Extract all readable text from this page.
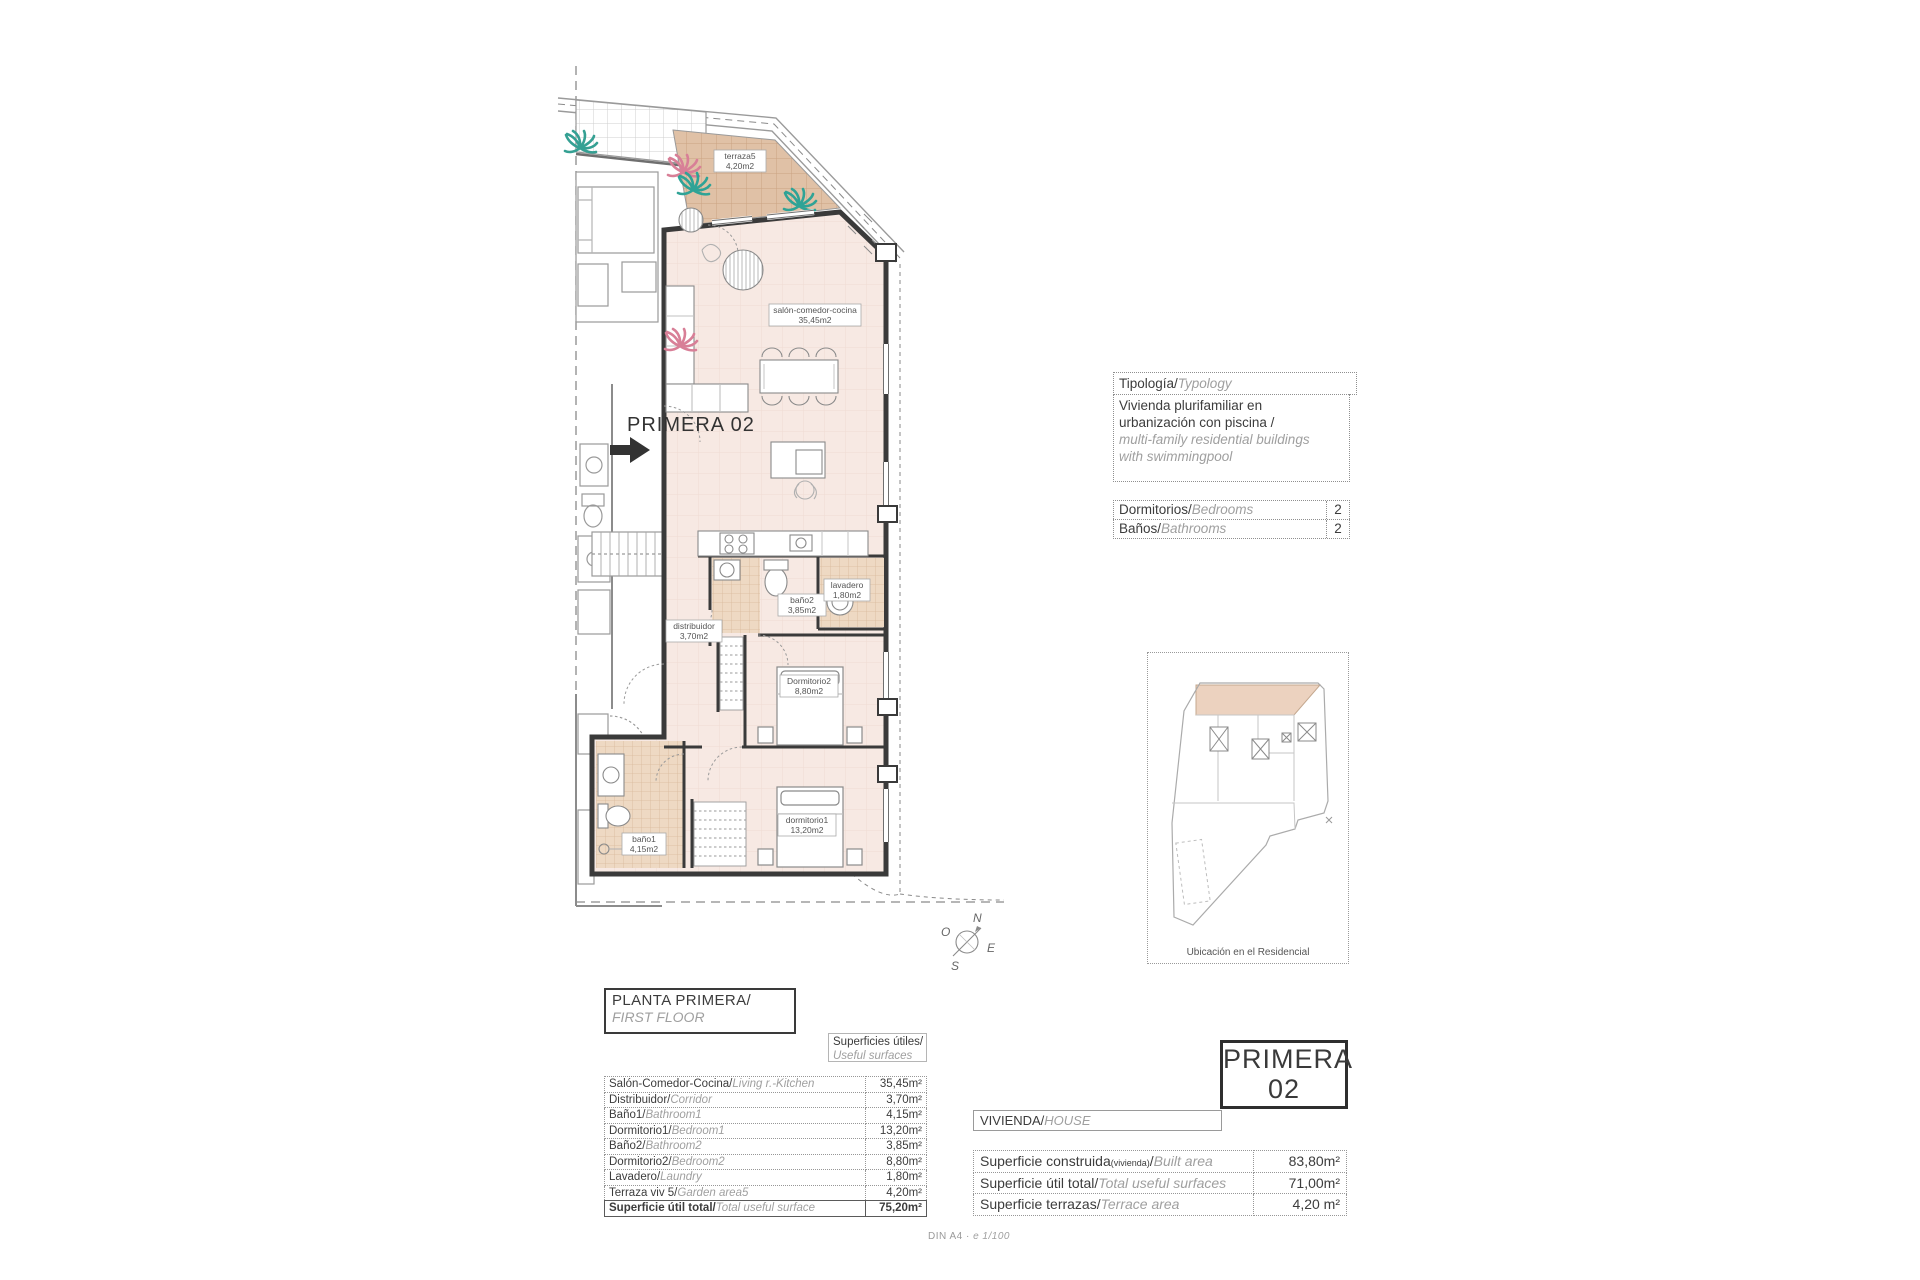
terraza5
4,20m2
salón-comedor-cocina
35,45m2
distribuidor
3,70m2
baño2
3,85m2
lavadero
1,80m2
Dormitorio2
8,80m2
dormitorio1
13,20m2
baño1
4,15m2
PRIMERA 02
N
O
E
S
Tipología/Typology
Vivienda plurifamiliar en
urbanización con piscina /
multi-family residential buildings
with swimmingpool
Dormitorios/Bedrooms	2
Baños/Bathrooms	2
Ubicación en el Residencial
PLANTA PRIMERA/
FIRST FLOOR
Superficies útiles/
Useful surfaces
Salón-Comedor-Cocina/Living r.-Kitchen	35,45m²
Distribuidor/Corridor	3,70m²
Baño1/Bathroom1	4,15m²
Dormitorio1/Bedroom1	13,20m²
Baño2/Bathroom2	3,85m²
Dormitorio2/Bedroom2	8,80m²
Lavadero/Laundry	1,80m²
Terraza viv 5/Garden area5	4,20m²
Superficie útil total/Total useful surface	75,20m²
PRIMERA
02
VIVIENDA/HOUSE
Superficie construida(vivienda)/Built area	83,80m²
Superficie útil total/Total useful surfaces	71,00m²
Superficie terrazas/Terrace area	4,20 m²
DIN A4 · e 1/100
